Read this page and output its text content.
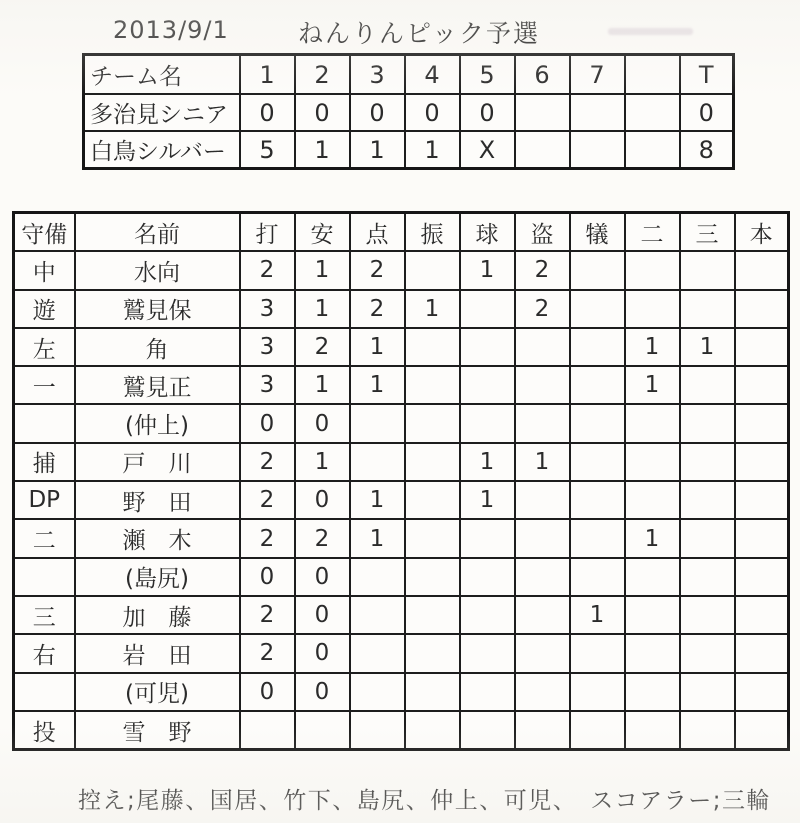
2013/9/1	ねんりんピック予選
チーム名	1	2	3	4	5	6	7		T
多治見シニア	0	0	0	0	0				0
白鳥シルバー	5	1	1	1	X				8
守備	名前	打	安	点	振	球	盗	犠	二	三	本
中	水向	2	1	2		1	2				
遊	鷲見保	3	1	2	1		2				
左	角	3	2	1					1	1	
一	鷲見正	3	1	1					1		
	(仲上)	0	0								
捕	戸　川	2	1			1	1				
DP	野　田	2	0	1		1					
二	瀬　木	2	2	1					1		
	(島尻)	0	0								
三	加　藤	2	0					1			
右	岩　田	2	0								
	(可児)	0	0								
投	雪　野										
控え;尾藤、国居、竹下、島尻、仲上、可児、　スコアラー;三輪
